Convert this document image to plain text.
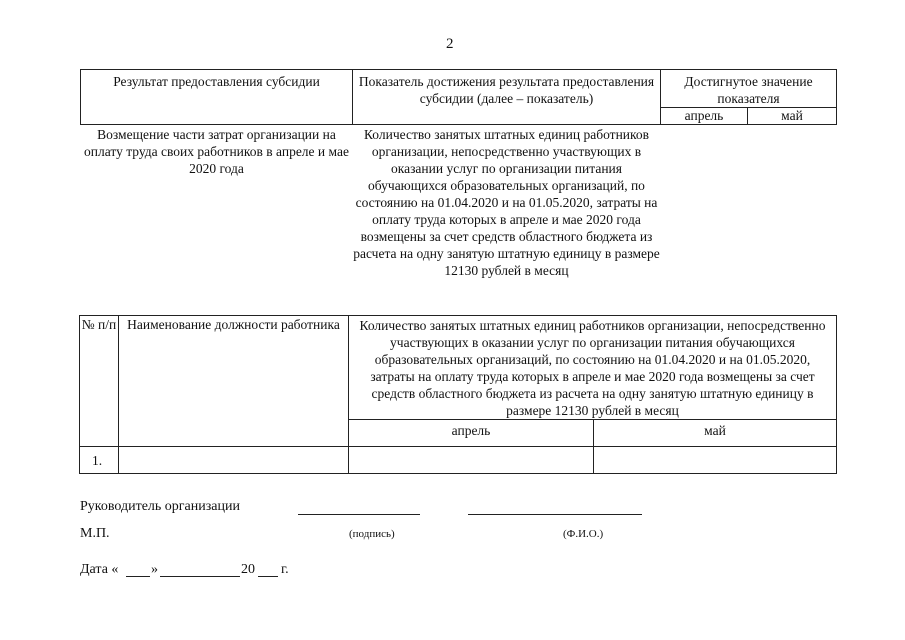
2
Результат предоставления субсидии	Показатель достижения результата предоставления субсидии (далее – показатель)	Достигнутое значение показателя	
		апрель	май
Возмещение части затрат организации на оплату труда своих работников в апреле и мае 2020 года	Количество занятых штатных единиц работников организации, непосредственно участвующих в оказании услуг по организации питания обучающихся образовательных организаций, по состоянию на 01.04.2020 и на 01.05.2020, затраты на оплату труда которых в апреле и мае 2020 года возмещены за счет средств областного бюджета из расчета на одну занятую штатную единицу в размере 12130 рублей в месяц		
№ п/п	Наименование должности работника	Количество занятых штатных единиц работников организации, непосредственно участвующих в оказании услуг по организации питания обучающихся образовательных организаций, по состоянию на 01.04.2020 и на 01.05.2020, затраты на оплату труда которых в апреле и мае 2020 года возмещены за счет средств областного бюджета из расчета на одну занятую штатную единицу в размере 12130 рублей в месяц	
		апрель	май
1.			
Руководитель организации
М.П.	(подпись)	(Ф.И.О.)
Дата « »	20 г.
